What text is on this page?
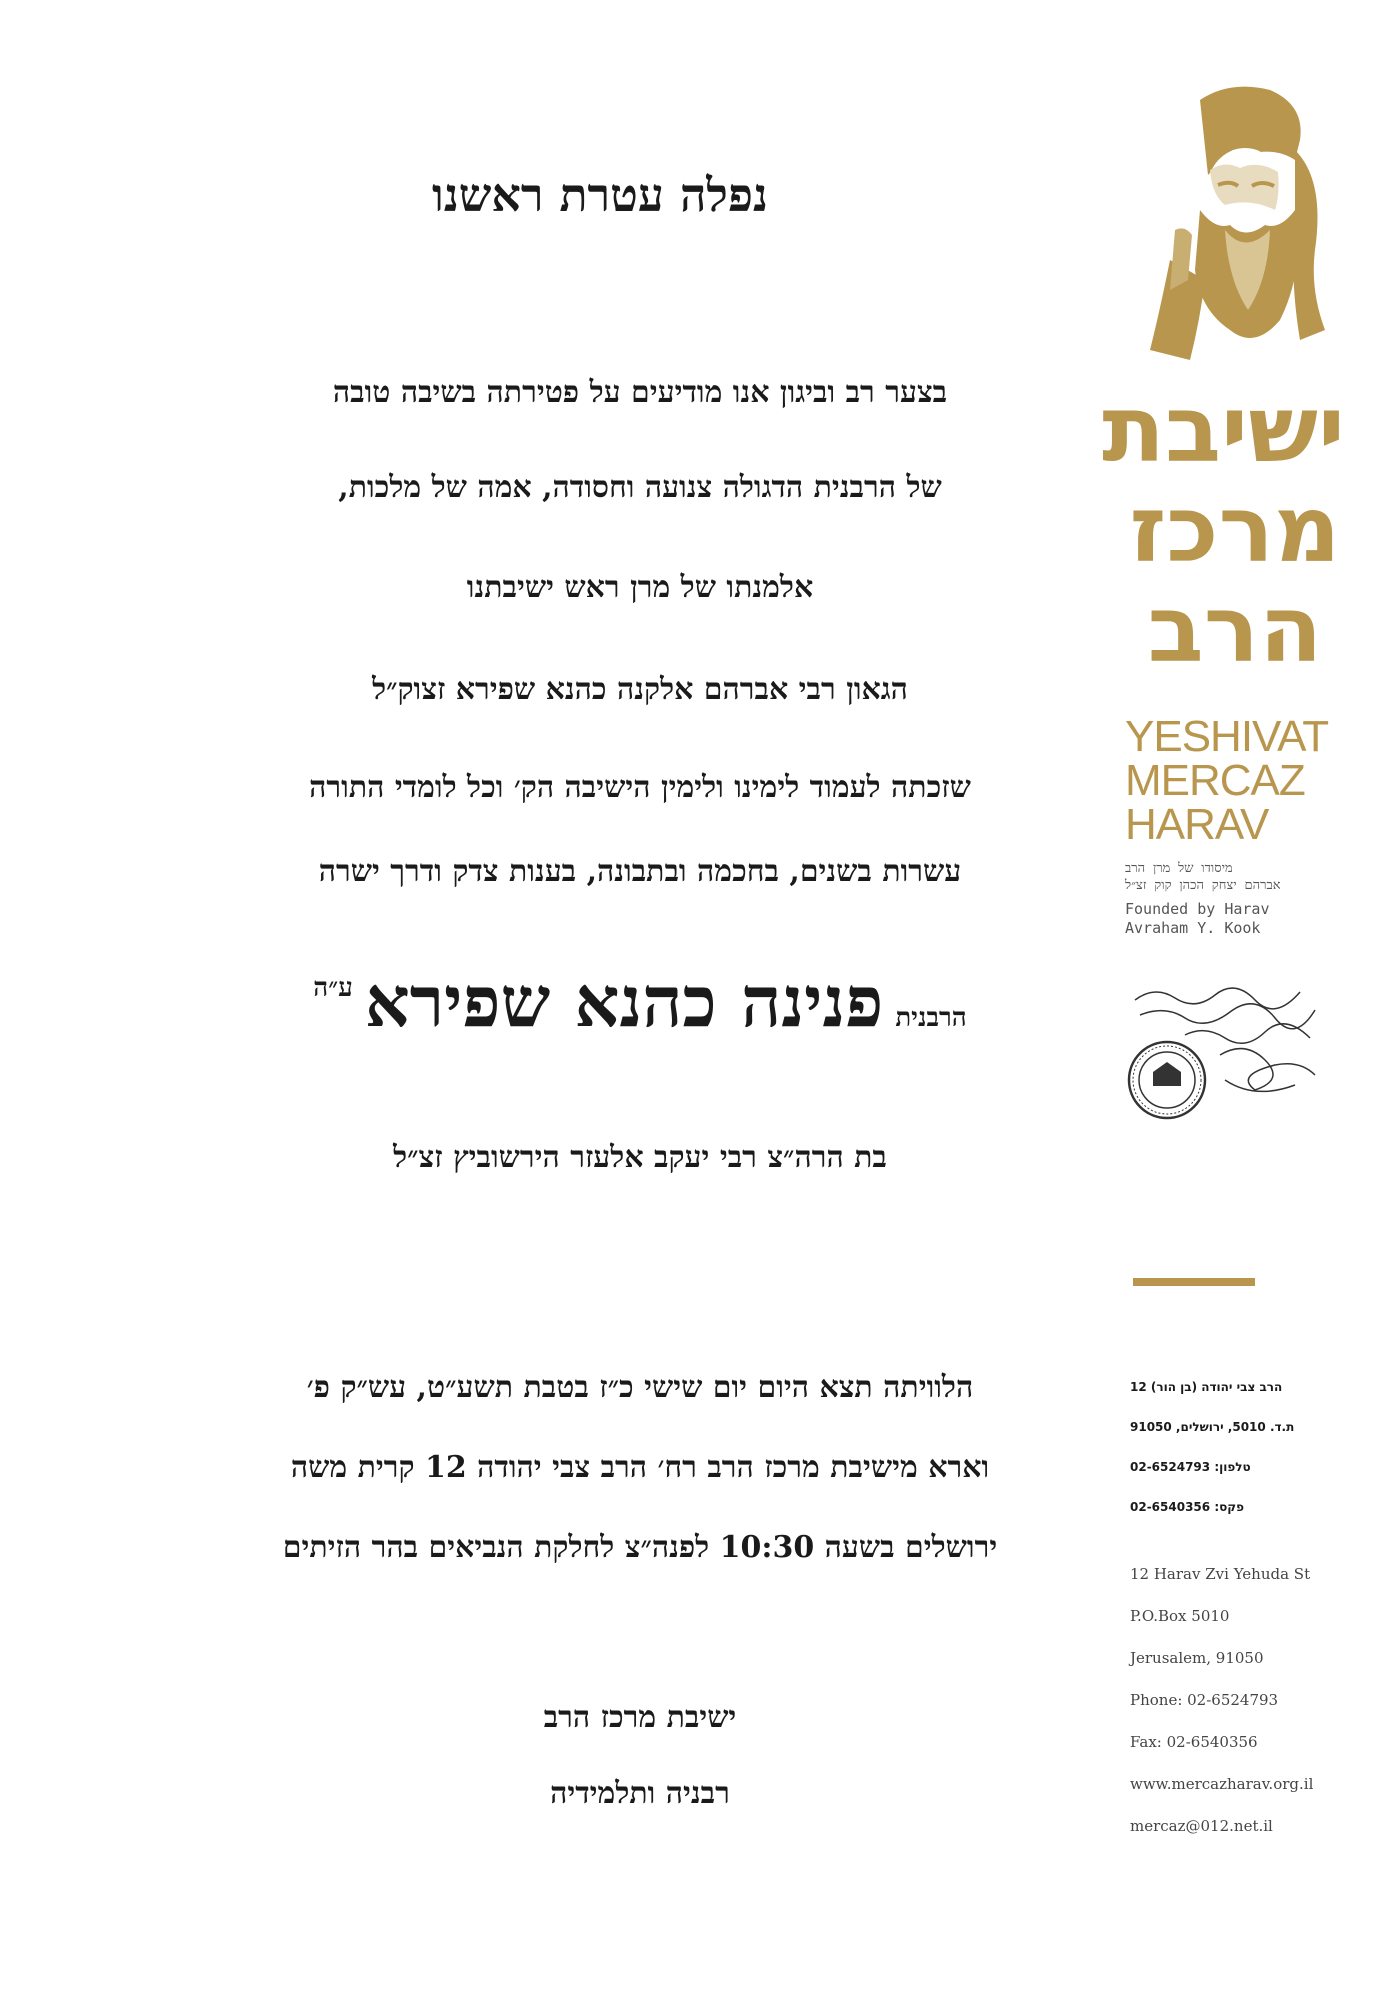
נפלה עטרת ראשנו
בצער רב וביגון אנו מודיעים על פטירתה בשיבה טובה
של הרבנית הדגולה צנועה וחסודה, אמה של מלכות,
אלמנתו של מרן ראש ישיבתנו
הגאון רבי אברהם אלקנה כהנא שפירא זצוק״ל
שזכתה לעמוד לימינו ולימין הישיבה הק׳ וכל לומדי התורה
עשרות בשנים, בחכמה ובתבונה, בענות צדק ודרך ישרה
הרבניתפנינה כהנא שפיראע״ה
בת הרה״צ רבי יעקב אלעזר הירשוביץ זצ״ל
הלוויתה תצא היום יום שישי כ״ז בטבת תשע״ט, עש״ק פ׳
וארא מישיבת מרכז הרב רח׳ הרב צבי יהודה 12 קרית משה
ירושלים בשעה 10:30 לפנה״צ לחלקת הנביאים בהר הזיתים
ישיבת מרכז הרב
רבניה ותלמידיה
ישיבת
מרכז
הרב
YESHIVAT
MERCAZ
HARAV
מיסודו של מרן הרב
אברהם יצחק הכהן קוק זצ״ל
Founded by Harav
Avraham Y. Kook
הרב צבי יהודה (בן הור) 12
ת.ד. 5010, ירושלים, 91050
טלפון: 02-6524793
פקס: 02-6540356
12 Harav Zvi Yehuda St
P.O.Box 5010
Jerusalem, 91050
Phone: 02-6524793
Fax: 02-6540356
www.mercazharav.org.il
mercaz@012.net.il
